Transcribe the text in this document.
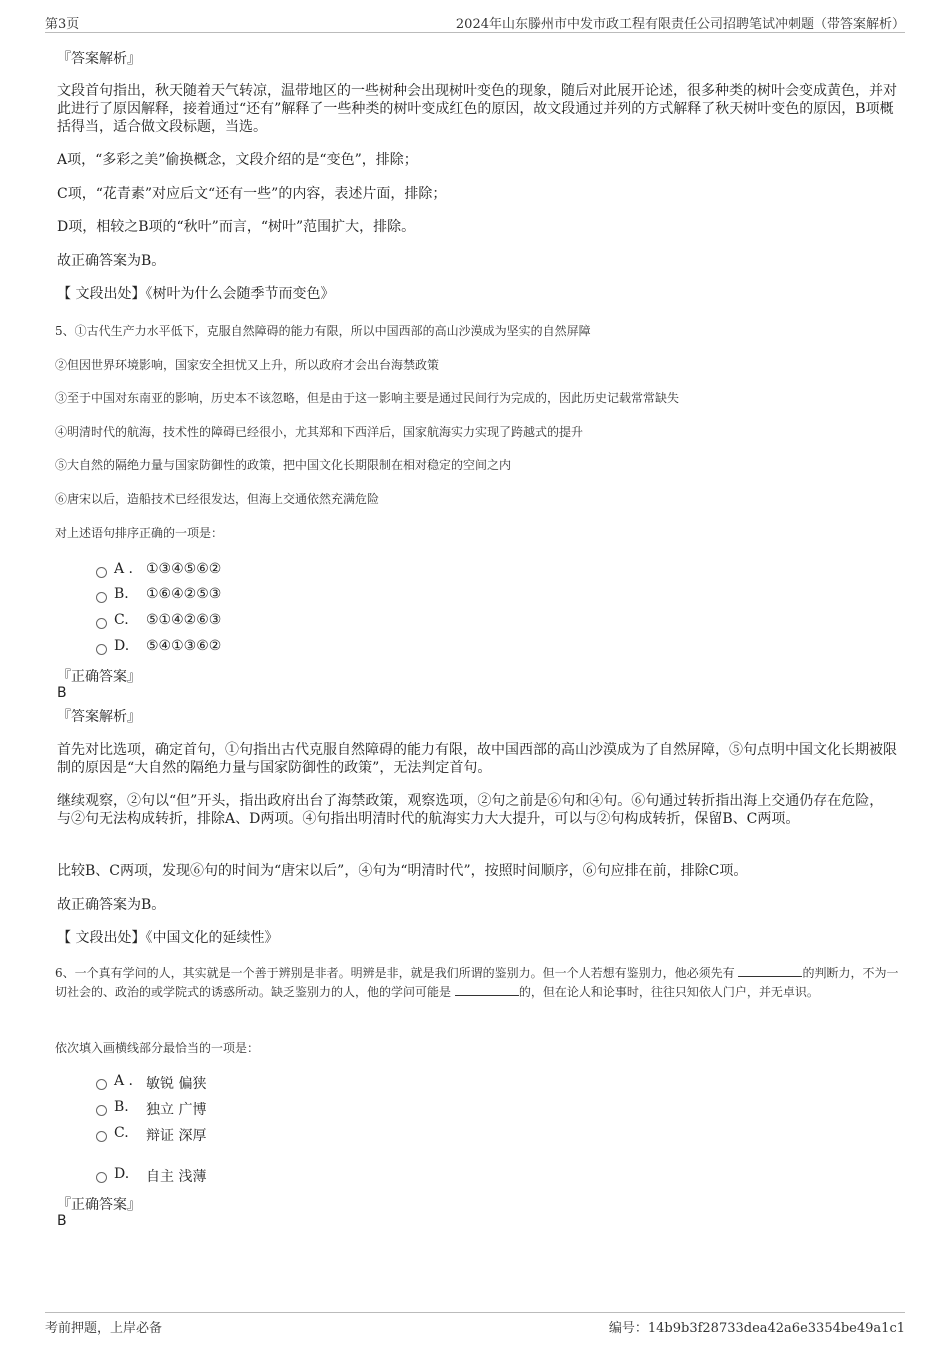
第3页	2024年山东滕州市中发市政工程有限责任公司招聘笔试冲刺题（带答案解析）
『答案解析』
文段首句指出，秋天随着天气转凉，温带地区的一些树种会出现树叶变色的现象，随后对此展开论述，很多种类的树叶会变成黄色，并对此进行了原因解释，接着通过“还有”解释了一些种类的树叶变成红色的原因，故文段通过并列的方式解释了秋天树叶变色的原因，B项概括得当，适合做文段标题，当选。
A项，“多彩之美”偷换概念，文段介绍的是“变色”，排除；
C项，“花青素”对应后文“还有一些”的内容，表述片面，排除；
D项，相较之B项的“秋叶”而言，“树叶”范围扩大，排除。
故正确答案为B。
【 文段出处】《树叶为什么会随季节而变色》
5、①古代生产力水平低下，克服自然障碍的能力有限，所以中国西部的高山沙漠成为坚实的自然屏障
②但因世界环境影响，国家安全担忧又上升，所以政府才会出台海禁政策
③至于中国对东南亚的影响，历史本不该忽略，但是由于这一影响主要是通过民间行为完成的，因此历史记载常常缺失
④明清时代的航海，技术性的障碍已经很小，尤其郑和下西洋后，国家航海实力实现了跨越式的提升
⑤大自然的隔绝力量与国家防御性的政策，把中国文化长期限制在相对稳定的空间之内
⑥唐宋以后，造船技术已经很发达，但海上交通依然充满危险
对上述语句排序正确的一项是：
A . ①③④⑤⑥②
B. ①⑥④②⑤③
C. ⑤①④②⑥③
D. ⑤④①③⑥②
『正确答案』
B
『答案解析』
首先对比选项，确定首句，①句指出古代克服自然障碍的能力有限，故中国西部的高山沙漠成为了自然屏障，⑤句点明中国文化长期被限制的原因是“大自然的隔绝力量与国家防御性的政策”，无法判定首句。
继续观察，②句以“但”开头，指出政府出台了海禁政策，观察选项，②句之前是⑥句和④句。⑥句通过转折指出海上交通仍存在危险，与②句无法构成转折，排除A、D两项。④句指出明清时代的航海实力大大提升，可以与②句构成转折，保留B、C两项。
比较B、C两项，发现⑥句的时间为“唐宋以后”，④句为“明清时代”，按照时间顺序，⑥句应排在前，排除C项。
故正确答案为B。
【 文段出处】《中国文化的延续性》
6、一个真有学问的人，其实就是一个善于辨别是非者。明辨是非，就是我们所谓的鉴别力。但一个人若想有鉴别力，他必须先有	的判断力，不为一切社会的、政治的或学院式的诱惑所动。缺乏鉴别力的人，他的学问可能是	的，但在论人和论事时，往往只知依人门户，并无卓识。
依次填入画横线部分最恰当的一项是：
A . 敏锐 偏狭
B. 独立 广博
C. 辩证 深厚
D. 自主 浅薄
『正确答案』
B
考前押题，上岸必备	编号：14b9b3f28733dea42a6e3354be49a1c1
